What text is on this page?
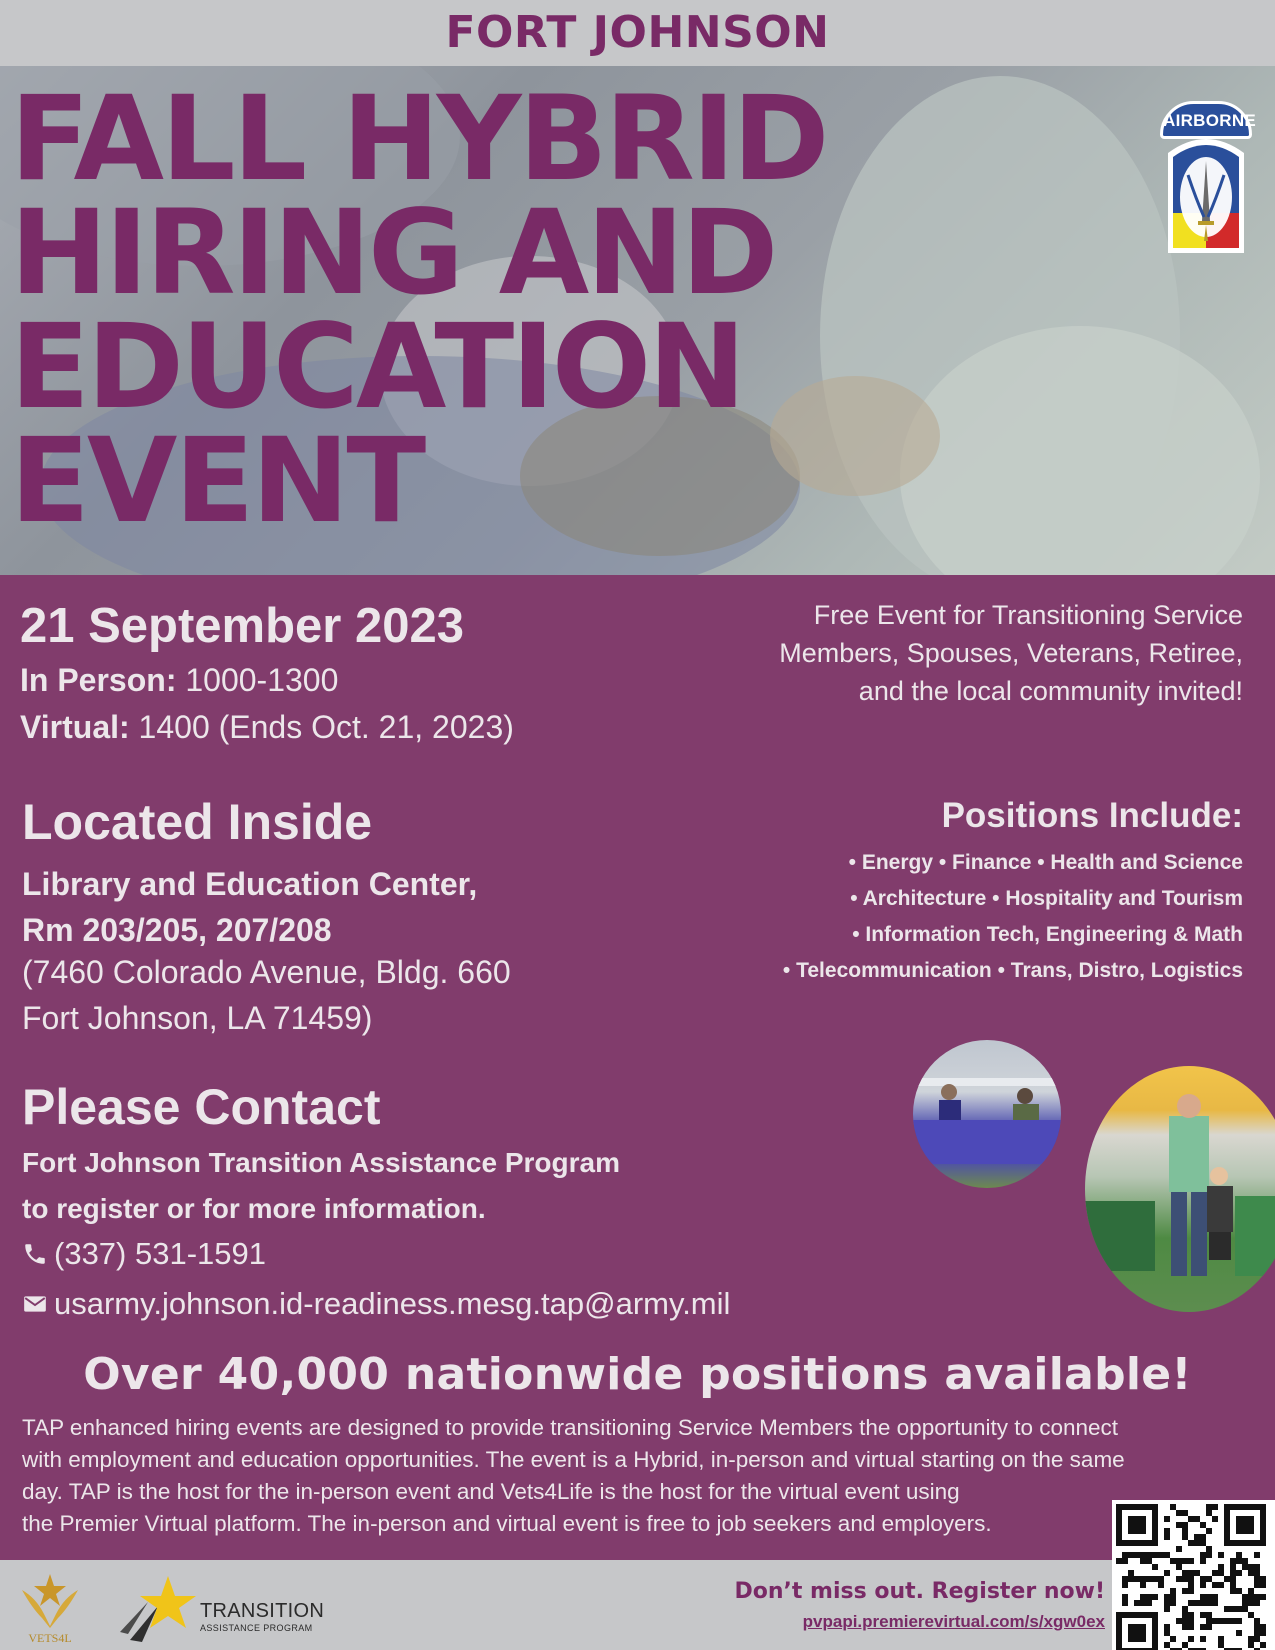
FORT JOHNSON
FALL HYBRID
HIRING AND
EDUCATION
EVENT
AIRBORNE
21 September 2023
In Person: 1000-1300
Virtual: 1400 (Ends Oct. 21, 2023)
Free Event for Transitioning Service
Members, Spouses, Veterans, Retiree,
and the local community invited!
Located Inside
Library and Education Center,
Rm 203/205, 207/208
(7460 Colorado Avenue, Bldg. 660
Fort Johnson, LA 71459)
Positions Include:
• Energy • Finance • Health and Science
• Architecture • Hospitality and Tourism
• Information Tech, Engineering & Math
• Telecommunication • Trans, Distro, Logistics
Please Contact
Fort Johnson Transition Assistance Program
to register or for more information.
(337) 531-1591
usarmy.johnson.id-readiness.mesg.tap@army.mil
Over 40,000 nationwide positions available!
TAP enhanced hiring events are designed to provide transitioning Service Members the opportunity to connect
with employment and education opportunities. The event is a Hybrid, in-person and virtual starting on the same
day. TAP is the host for the in-person event and Vets4Life is the host for the virtual event using
the Premier Virtual platform. The in-person and virtual event is free to job seekers and employers.
VETS4L
TRANSITION
ASSISTANCE PROGRAM
Don’t miss out. Register now!
pvpapi.premierevirtual.com/s/xgw0ex
